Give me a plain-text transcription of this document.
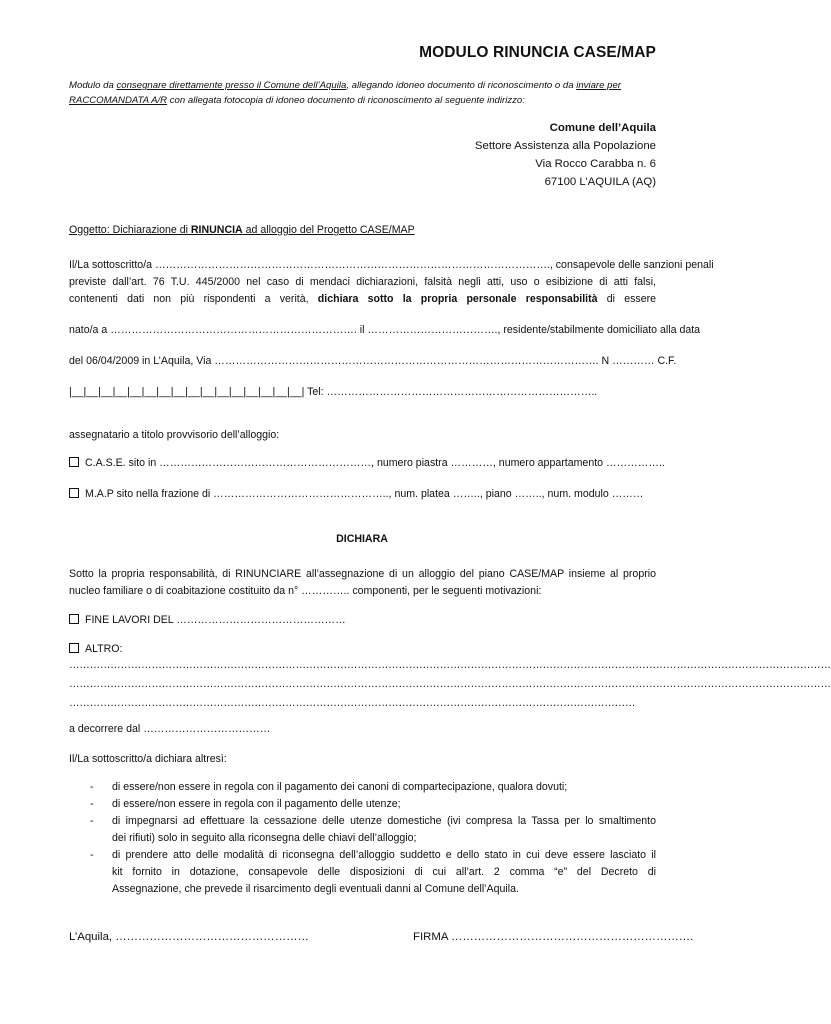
MODULO RINUNCIA CASE/MAP
Modulo da consegnare direttamente presso il Comune dell’Aquila, allegando idoneo documento di riconoscimento o da inviare per
RACCOMANDATA A/R con allegata fotocopia di idoneo documento di riconoscimento al seguente indirizzo:
Comune dell’Aquila
Settore Assistenza alla Popolazione
Via Rocco Carabba n. 6
67100 L’AQUILA (AQ)
Oggetto: Dichiarazione di RINUNCIA ad alloggio del Progetto CASE/MAP
Il/La sottoscritto/a …………………………………………………………………………………………………., consapevole delle sanzioni penali
previste dall’art. 76 T.U. 445/2000 nel caso di mendaci dichiarazioni, falsità negli atti, uso o esibizione di atti falsi,
contenenti dati non più rispondenti a verità, dichiara sotto la propria personale responsabilità di essere
nato/a a ……………………………………………………………. il ………………………………., residente/stabilmente domiciliato alla data
del 06/04/2009 in L’Aquila, Via ………………………………………………………………………………………………. N ………… C.F.
|__|__|__|__|__|__|__|__|__|__|__|__|__|__|__|__| Tel: …………………………………………………………………..
assegnatario a titolo provvisorio dell’alloggio:
C.A.S.E. sito in ……………………………………………………, numero piastra …………, numero appartamento ……………..
M.A.P sito nella frazione di ………………………………………….., num. platea …….., piano …….., num. modulo ………
DICHIARA
Sotto la propria responsabilità, di RINUNCIARE all’assegnazione di un alloggio del piano CASE/MAP insieme al proprio
nucleo familiare o di coabitazione costituito da n° ………….. componenti, per le seguenti motivazioni:
FINE LAVORI DEL …………………………………………
ALTRO:
……………………………………………………………………………………………………………………………………………………………………………………………………
……………………………………………………………………………………………………………………………………………………………………………………………………
…………………………………………………………………………………………………………………………………………………
a decorrere dal ………………………………
Il/La sottoscritto/a dichiara altresì:
- di essere/non essere in regola con il pagamento dei canoni di compartecipazione, qualora dovuti;
- di essere/non essere in regola con il pagamento delle utenze;
- di impegnarsi ad effettuare la cessazione delle utenze domestiche (ivi compresa la Tassa per lo smaltimento
dei rifiuti) solo in seguito alla riconsegna delle chiavi dell’alloggio;
- di prendere atto delle modalità di riconsegna dell’alloggio suddetto e dello stato in cui deve essere lasciato il
kit fornito in dotazione, consapevole delle disposizioni di cui all’art. 2 comma “e” del Decreto di
Assegnazione, che prevede il risarcimento degli eventuali danni al Comune dell’Aquila.
L’Aquila, ……………………………………………	FIRMA ……………………………………………………….
